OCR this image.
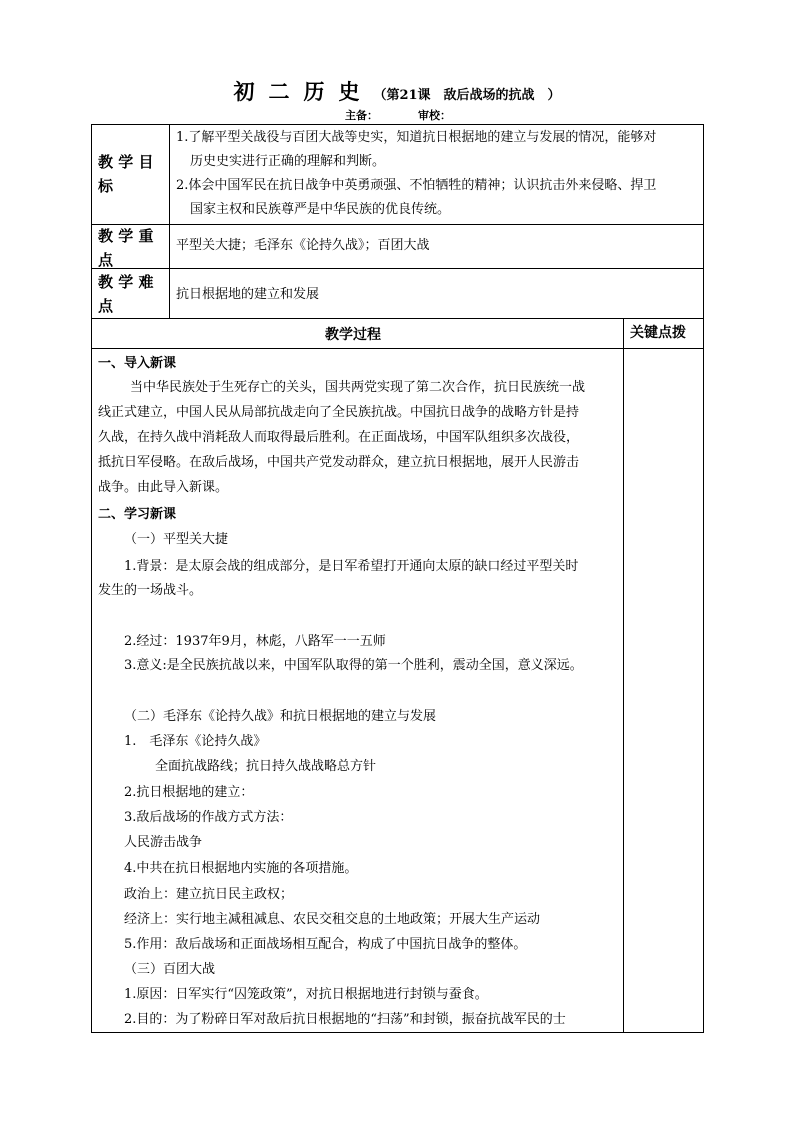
初二历史（第21课　敌后战场的抗战　）
主备：	审校：
教 学 目
标
1.了解平型关战役与百团大战等史实，知道抗日根据地的建立与发展的情况，能够对
历史史实进行正确的理解和判断。
2.体会中国军民在抗日战争中英勇顽强、不怕牺牲的精神；认识抗击外来侵略、捍卫
国家主权和民族尊严是中华民族的优良传统。
教 学 重
点
平型关大捷；毛泽东《论持久战》；百团大战
教 学 难
点
抗日根据地的建立和发展
教学过程	关键点拨
一、导入新课
当中华民族处于生死存亡的关头，国共两党实现了第二次合作，抗日民族统一战
线正式建立，中国人民从局部抗战走向了全民族抗战。中国抗日战争的战略方针是持
久战，在持久战中消耗敌人而取得最后胜利。在正面战场，中国军队组织多次战役，
抵抗日军侵略。在敌后战场，中国共产党发动群众，建立抗日根据地，展开人民游击
战争。由此导入新课。
二、学习新课
（一）平型关大捷
1.背景：是太原会战的组成部分，是日军希望打开通向太原的缺口经过平型关时
发生的一场战斗。
2.经过：1937年9月，林彪，八路军一一五师
3.意义:是全民族抗战以来，中国军队取得的第一个胜利，震动全国，意义深远。
（二）毛泽东《论持久战》和抗日根据地的建立与发展
1.　毛泽东《论持久战》
全面抗战路线；抗日持久战战略总方针
2.抗日根据地的建立：
3.敌后战场的作战方式方法：
人民游击战争
4.中共在抗日根据地内实施的各项措施。
政治上：建立抗日民主政权；
经济上：实行地主减租减息、农民交租交息的土地政策；开展大生产运动
5.作用：敌后战场和正面战场相互配合，构成了中国抗日战争的整体。
（三）百团大战
1.原因：日军实行“囚笼政策”，对抗日根据地进行封锁与蚕食。
2.目的：为了粉碎日军对敌后抗日根据地的“扫荡”和封锁，振奋抗战军民的士
